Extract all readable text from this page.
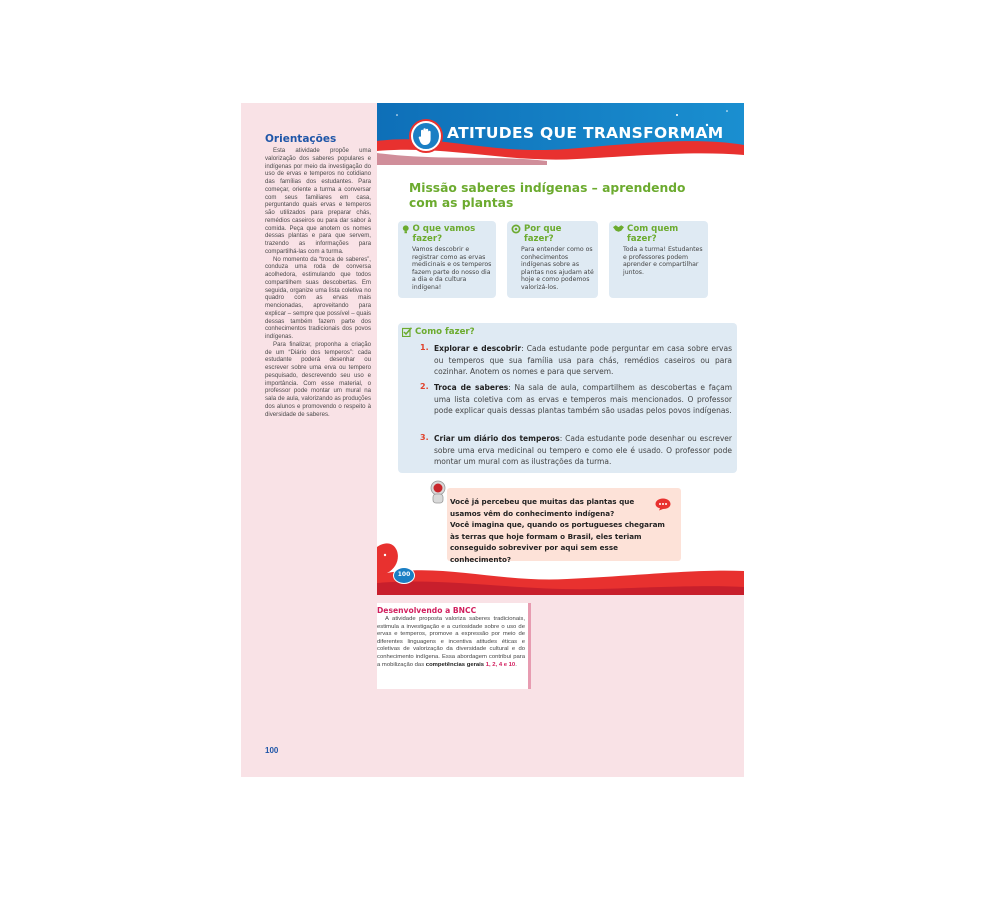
Orientações

Esta atividade propõe uma valorização dos saberes populares e indígenas por meio da investigação do uso de ervas e temperos no cotidiano das famílias dos estudantes. Para começar, oriente a turma a conversar com seus familiares em casa, perguntando quais ervas e temperos são utilizados para preparar chás, remédios caseiros ou para dar sabor à comida. Peça que anotem os nomes dessas plantas e para que servem, trazendo as informações para compartilhá-las com a turma.

No momento da “troca de saberes”, conduza uma roda de conversa acolhedora, estimulando que todos compartilhem suas descobertas. Em seguida, organize uma lista coletiva no quadro com as ervas mais mencionadas, aproveitando para explicar – sempre que possível – quais dessas também fazem parte dos conhecimentos tradicionais dos povos indígenas.

Para finalizar, proponha a criação de um “Diário dos temperos”: cada estudante poderá desenhar ou escrever sobre uma erva ou tempero pesquisado, descrevendo seu uso e importância. Com esse material, o professor pode montar um mural na sala de aula, valorizando as produções dos alunos e promovendo o respeito à diversidade de saberes.

100
ATITUDES QUE TRANSFORMAM
Missão saberes indígenas – aprendendo com as plantas
O que vamos fazer?
Vamos descobrir e registrar como as ervas medicinais e os temperos fazem parte do nosso dia a dia e da cultura indígena!
Por que fazer?
Para entender como os conhecimentos indígenas sobre as plantas nos ajudam até hoje e como podemos valorizá-los.
Com quem fazer?
Toda a turma! Estudantes e professores podem aprender e compartilhar juntos.
Como fazer?
1. Explorar e descobrir: Cada estudante pode perguntar em casa sobre ervas ou temperos que sua família usa para chás, remédios caseiros ou para cozinhar. Anotem os nomes e para que servem.
2. Troca de saberes: Na sala de aula, compartilhem as descobertas e façam uma lista coletiva com as ervas e temperos mais mencionados. O professor pode explicar quais dessas plantas também são usadas pelos povos indígenas.
3. Criar um diário dos temperos: Cada estudante pode desenhar ou escrever sobre uma erva medicinal ou tempero e como ele é usado. O professor pode montar um mural com as ilustrações da turma.
Você já percebeu que muitas das plantas que usamos vêm do conhecimento indígena?
Você imagina que, quando os portugueses chegaram às terras que hoje formam o Brasil, eles teriam conseguido sobreviver por aqui sem esse conhecimento?
100
Desenvolvendo a BNCC

A atividade proposta valoriza saberes tradicionais, estimula a investigação e a curiosidade sobre o uso de ervas e temperos, promove a expressão por meio de diferentes linguagens e incentiva atitudes éticas e coletivas de valorização da diversidade cultural e do conhecimento indígena. Essa abordagem contribui para a mobilização das competências gerais 1, 2, 4 e 10.
